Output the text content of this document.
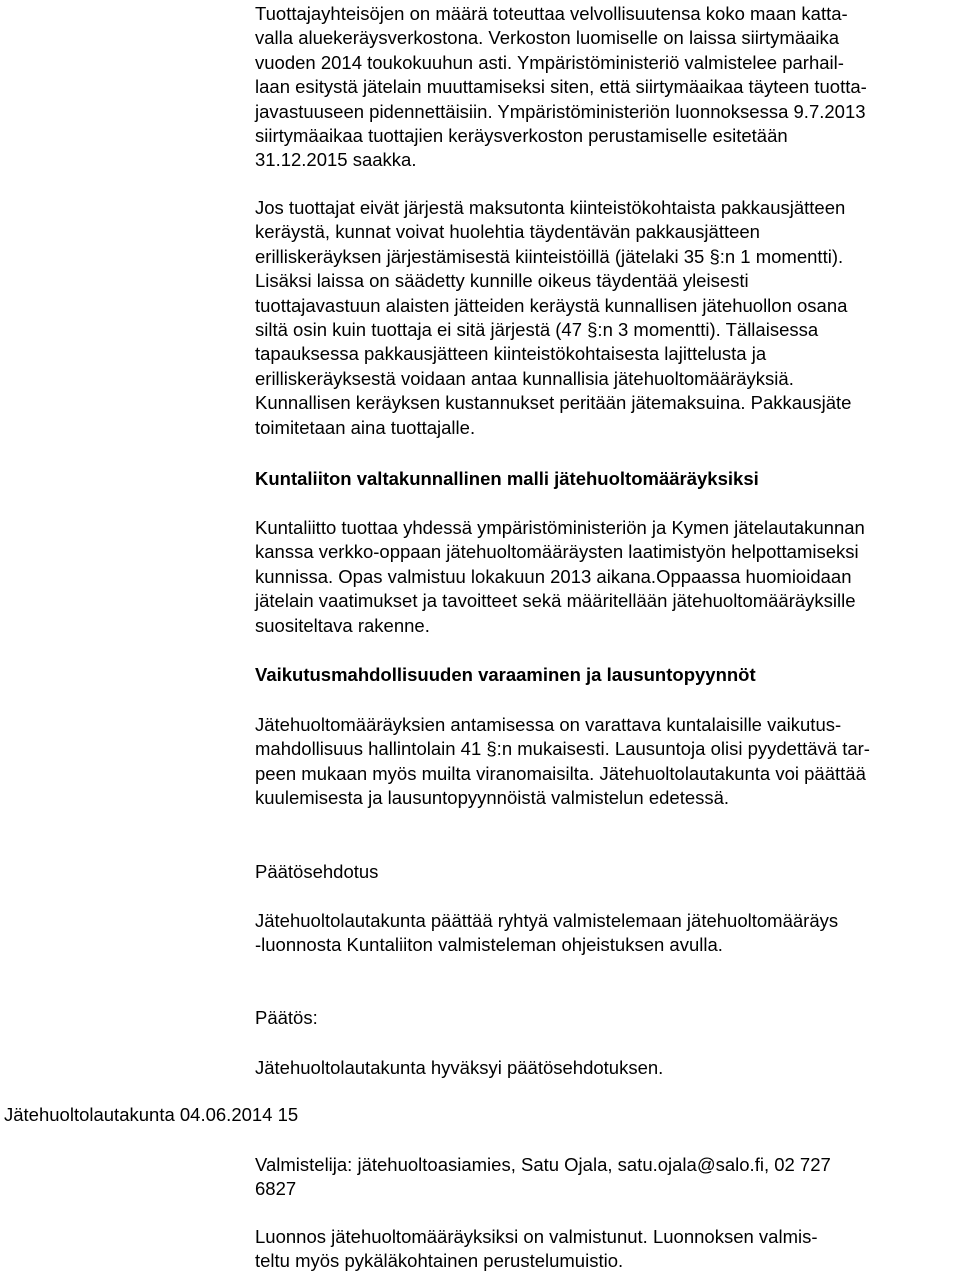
Tuottajayhteisöjen on määrä toteuttaa velvollisuutensa koko maan katta-
valla aluekeräysverkostona. Verkoston luomiselle on laissa siirtymäaika
vuoden 2014 toukokuuhun asti. Ympäristöministeriö valmistelee parhail-
laan esitystä jätelain muuttamiseksi siten, että siirtymäaikaa täyteen tuotta-
javastuuseen pidennettäisiin. Ympäristöministeriön luonnoksessa 9.7.2013
siirtymäaikaa tuottajien keräysverkoston perustamiselle esitetään
31.12.2015 saakka.
Jos tuottajat eivät järjestä maksutonta kiinteistökohtaista pakkausjätteen
keräystä, kunnat voivat huolehtia täydentävän pakkausjätteen
erilliskeräyksen järjestämisestä kiinteistöillä (jätelaki 35 §:n 1 momentti).
Lisäksi laissa on säädetty kunnille oikeus täydentää yleisesti
tuottajavastuun alaisten jätteiden keräystä kunnallisen jätehuollon osana
siltä osin kuin tuottaja ei sitä järjestä (47 §:n 3 momentti). Tällaisessa
tapauksessa pakkausjätteen kiinteistökohtaisesta lajittelusta ja
erilliskeräyksestä voidaan antaa kunnallisia jätehuoltomääräyksiä.
Kunnallisen keräyksen kustannukset peritään jätemaksuina. Pakkausjäte
toimitetaan aina tuottajalle.
Kuntaliiton valtakunnallinen malli jätehuoltomääräyksiksi
Kuntaliitto tuottaa yhdessä ympäristöministeriön ja Kymen jätelautakunnan
kanssa verkko-oppaan jätehuoltomääräysten laatimistyön helpottamiseksi
kunnissa. Opas valmistuu lokakuun 2013 aikana.Oppaassa huomioidaan
jätelain vaatimukset ja tavoitteet sekä määritellään jätehuoltomääräyksille
suositeltava rakenne.
Vaikutusmahdollisuuden varaaminen ja lausuntopyynnöt
Jätehuoltomääräyksien antamisessa on varattava kuntalaisille vaikutus-
mahdollisuus hallintolain 41 §:n mukaisesti. Lausuntoja olisi pyydettävä tar-
peen mukaan myös muilta viranomaisilta. Jätehuoltolautakunta voi päättää
kuulemisesta ja lausuntopyynnöistä valmistelun edetessä.
Päätösehdotus
Jätehuoltolautakunta päättää ryhtyä valmistelemaan jätehuoltomääräys
-luonnosta Kuntaliiton valmisteleman ohjeistuksen avulla.
Päätös:
Jätehuoltolautakunta hyväksyi päätösehdotuksen.
Jätehuoltolautakunta 04.06.2014 15
Valmistelija: jätehuoltoasiamies, Satu Ojala, satu.ojala@salo.fi, 02 727
6827
Luonnos jätehuoltomääräyksiksi on valmistunut. Luonnoksen valmis-
teltu myös pykäläkohtainen perustelumuistio.
